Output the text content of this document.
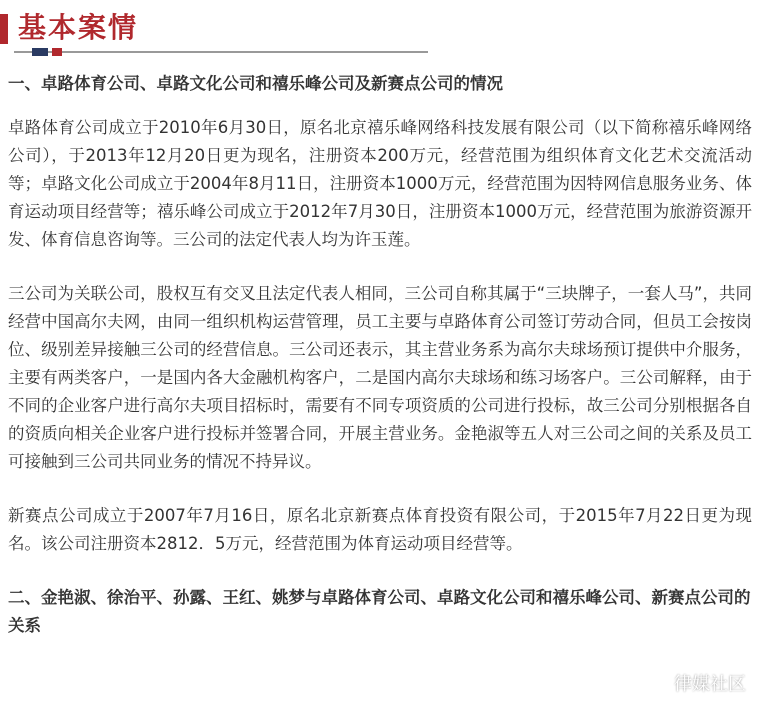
基本案情
一、卓路体育公司、卓路文化公司和禧乐峰公司及新赛点公司的情况

卓路体育公司成立于2010年6月30日，原名北京禧乐峰网络科技发展有限公司（以下简称禧乐峰网络公司），于2013年12月20日更为现名，注册资本200万元，经营范围为组织体育文化艺术交流活动等；卓路文化公司成立于2004年8月11日，注册资本1000万元，经营范围为因特网信息服务业务、体育运动项目经营等；禧乐峰公司成立于2012年7月30日，注册资本1000万元，经营范围为旅游资源开发、体育信息咨询等。三公司的法定代表人均为许玉莲。

三公司为关联公司，股权互有交叉且法定代表人相同，三公司自称其属于“三块牌子，一套人马”，共同经营中国高尔夫网，由同一组织机构运营管理，员工主要与卓路体育公司签订劳动合同，但员工会按岗位、级别差异接触三公司的经营信息。三公司还表示，其主营业务系为高尔夫球场预订提供中介服务，主要有两类客户，一是国内各大金融机构客户，二是国内高尔夫球场和练习场客户。三公司解释，由于不同的企业客户进行高尔夫项目招标时，需要有不同专项资质的公司进行投标，故三公司分别根据各自的资质向相关企业客户进行投标并签署合同，开展主营业务。金艳淑等五人对三公司之间的关系及员工可接触到三公司共同业务的情况不持异议。

新赛点公司成立于2007年7月16日，原名北京新赛点体育投资有限公司，于2015年7月22日更为现名。该公司注册资本2812．5万元，经营范围为体育运动项目经营等。

二、金艳淑、徐治平、孙露、王红、姚梦与卓路体育公司、卓路文化公司和禧乐峰公司、新赛点公司的关系
律媒社区
